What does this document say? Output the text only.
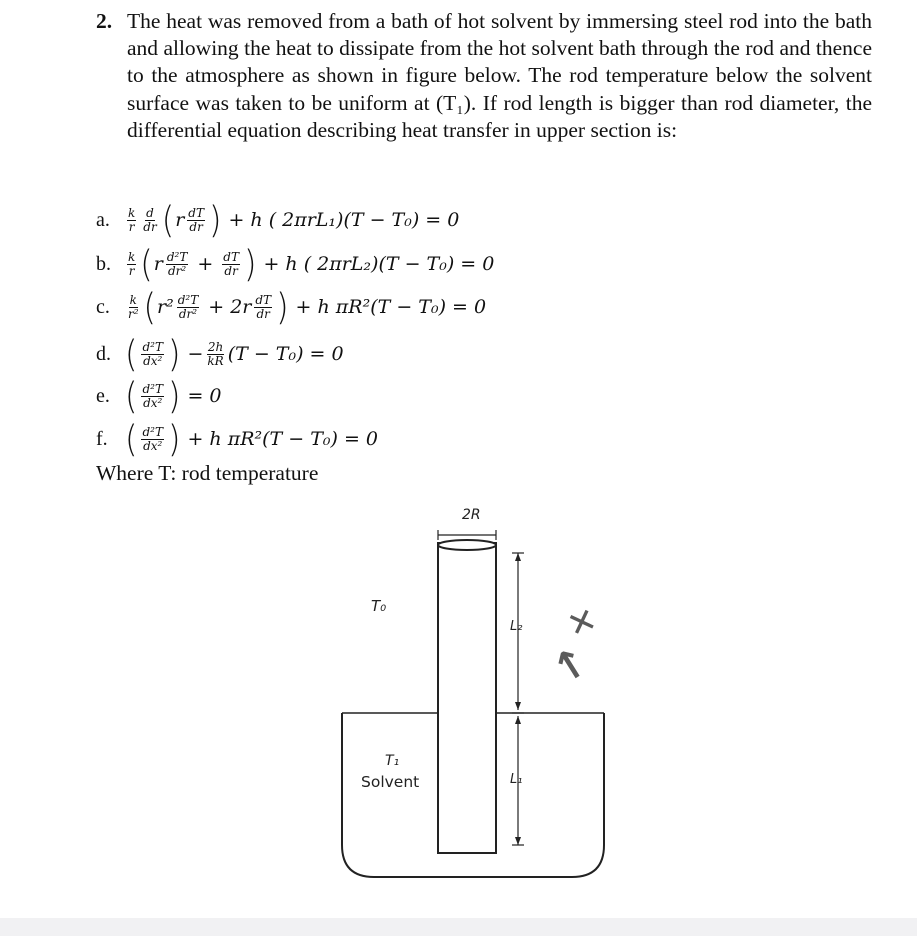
2. The heat was removed from a bath of hot solvent by immersing steel rod into the bath and allowing the heat to dissipate from the hot solvent bath through the rod and thence to the atmosphere as shown in figure below. The rod temperature below the solvent surface was taken to be uniform at (T₁). If rod length is bigger than rod diameter, the differential equation describing heat transfer in upper section is:
a.	$\frac{k}{r} \frac{d}{dr}$ ( r $\frac{dT}{dr}$ ) + h ( 2πrL₁)(T − T₀) = 0
b.	$\frac{k}{r}$ ( r $\frac{\text{d²T}}{\text{dr²}} + \frac{dT}{dr}$ ) + h ( 2πrL₂)(T − T₀) = 0
c.	$\frac{k}{\text{r²}}$ ( $r^2 \frac{\text{d²T}}{\text{dr²}} + 2r \frac{dT}{dr}$ ) + h πR²(T − T₀) = 0
d. ( $\frac{\text{d²T}}{\text{dx²}}$ ) − $\frac{2h}{kR} (T - T_0) = 0$
e. ( $\frac{\text{d²T}}{\text{dx²}}$ ) = 0
f. ( $\frac{\text{d²T}}{\text{dx²}}$ ) + h πR²(T − T₀) = 0
Where T: rod temperature
2R
T₀
T₁
Solvent
L₂
L₁
✕
↑
